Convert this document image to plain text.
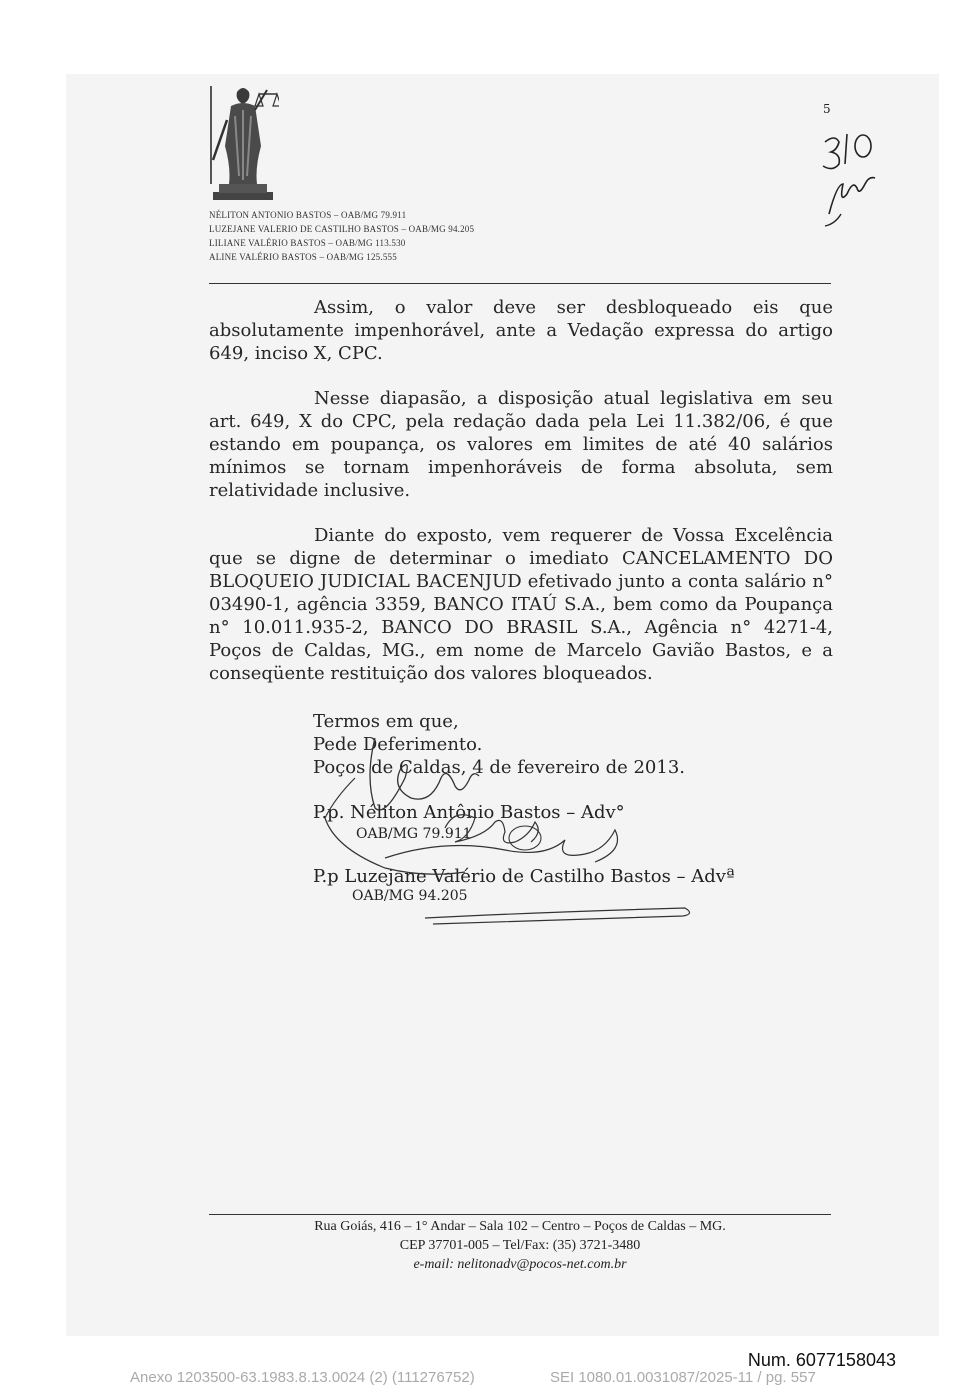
NÉLITON ANTONIO BASTOS – OAB/MG 79.911
LUZEJANE VALERIO DE CASTILHO BASTOS – OAB/MG 94.205
LILIANE VALÉRIO BASTOS – OAB/MG 113.530
ALINE VALÉRIO BASTOS – OAB/MG 125.555
5

Assim, o valor deve ser desbloqueado eis que absolutamente impenhorável, ante a Vedação expressa do artigo 649, inciso X, CPC.

Nesse diapasão, a disposição atual legislativa em seu art. 649, X do CPC, pela redação dada pela Lei 11.382/06, é que estando em poupança, os valores em limites de até 40 salários mínimos se tornam impenhoráveis de forma absoluta, sem relatividade inclusive.

Diante do exposto, vem requerer de Vossa Excelência que se digne de determinar o imediato CANCELAMENTO DO BLOQUEIO JUDICIAL BACENJUD efetivado junto a conta salário n° 03490-1, agência 3359, BANCO ITAÚ S.A., bem como da Poupança n° 10.011.935-2, BANCO DO BRASIL S.A., Agência n° 4271-4, Poços de Caldas, MG., em nome de Marcelo Gavião Bastos, e a conseqüente restituição dos valores bloqueados.

Termos em que,
Pede Deferimento.
Poços de Caldas, 4 de fevereiro de 2013.
P.p. Néliton Antônio Bastos – Adv°
OAB/MG 79.911
P.p Luzejane Valério de Castilho Bastos – Advª
OAB/MG 94.205
Rua Goiás, 416 – 1° Andar – Sala 102 – Centro – Poços de Caldas – MG.
CEP 37701-005 – Tel/Fax: (35) 3721-3480
e-mail: nelitonadv@pocos-net.com.br
Num. 6077158043
Anexo 1203500-63.1983.8.13.0024 (2) (111276752)	SEI 1080.01.0031087/2025-11 / pg. 557
